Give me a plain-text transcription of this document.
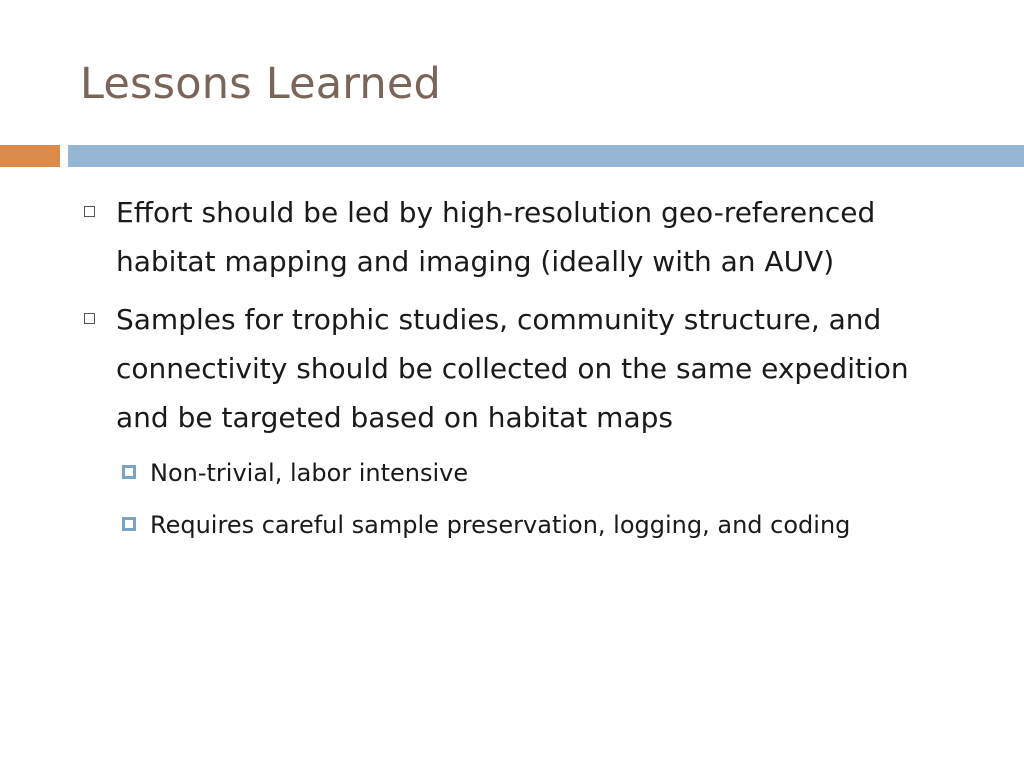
Lessons Learned
Effort should be led by high-resolution geo-referenced habitat mapping and imaging (ideally with an AUV)
Samples for trophic studies, community structure, and connectivity should be collected on the same expedition and be targeted based on habitat maps
Non-trivial, labor intensive
Requires careful sample preservation, logging, and coding
